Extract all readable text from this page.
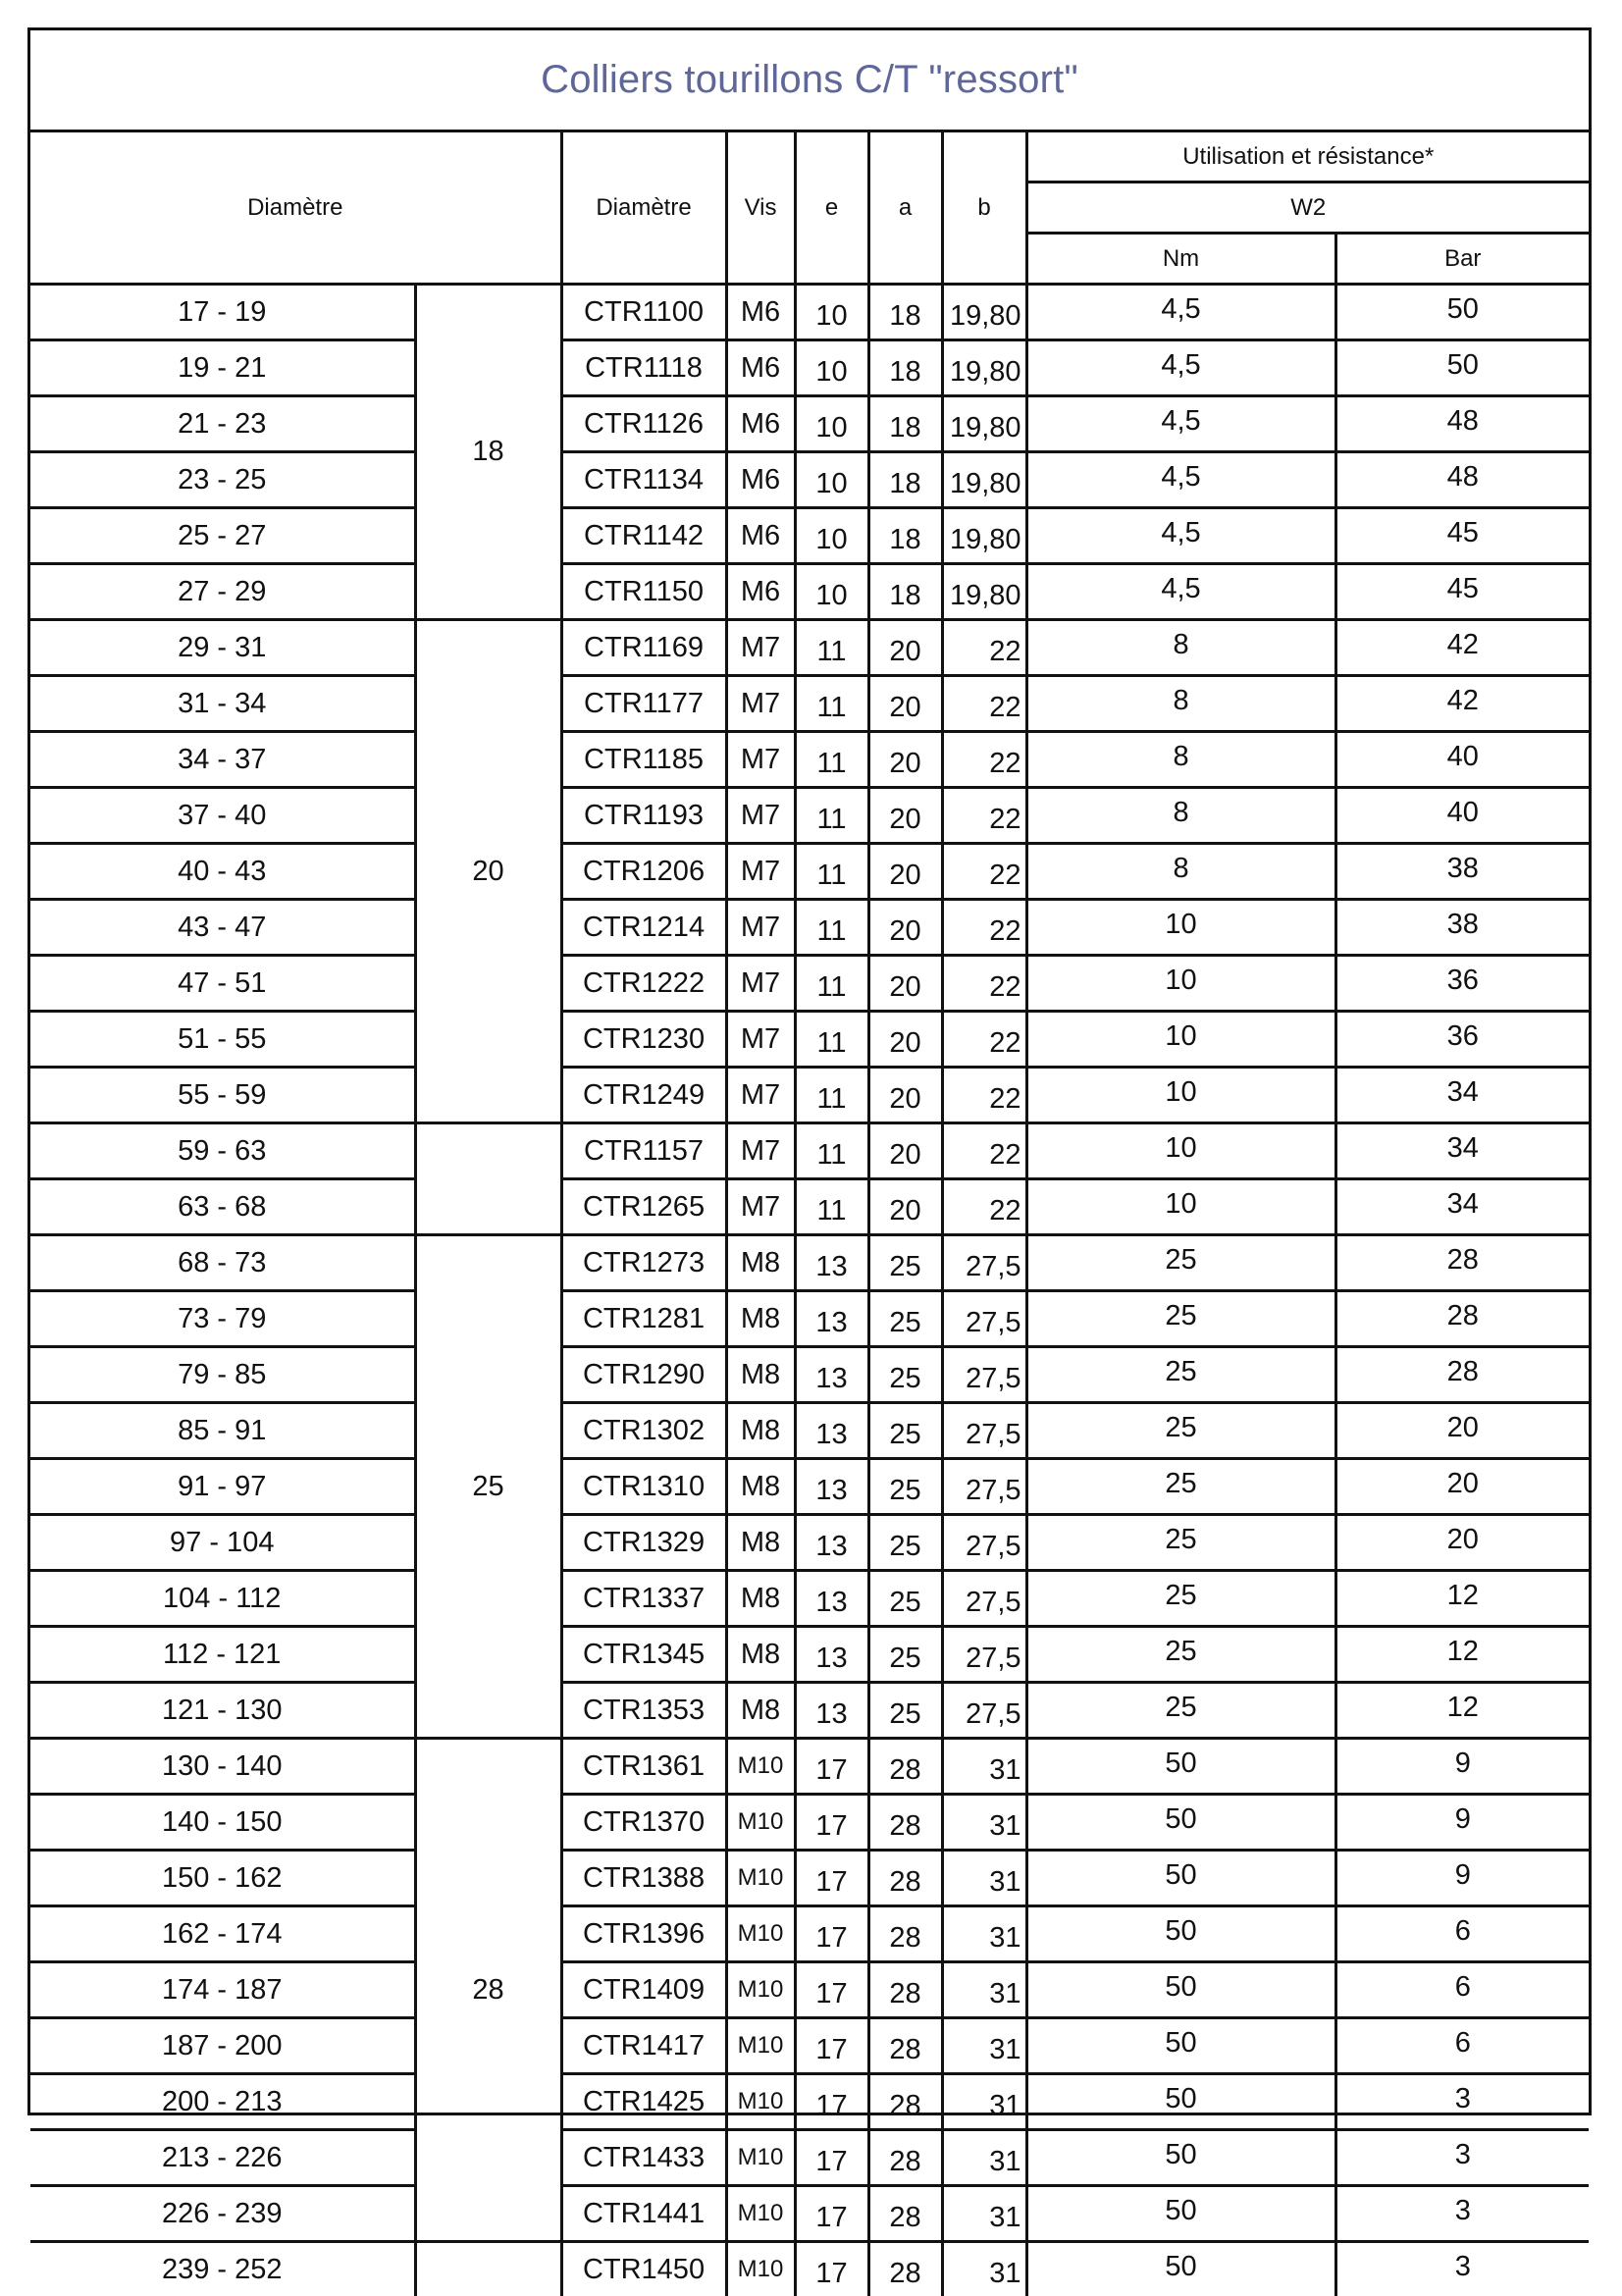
Colliers tourillons C/T "ressort"
Diamètre		Diamètre	Vis	e	a	b	Utilisation et résistance*	
							W2	
							Nm	Bar
17 - 19	18	CTR1100	M6	10	18	19,80	4,5	50
19 - 21		CTR1118	M6	10	18	19,80	4,5	50
21 - 23		CTR1126	M6	10	18	19,80	4,5	48
23 - 25		CTR1134	M6	10	18	19,80	4,5	48
25 - 27		CTR1142	M6	10	18	19,80	4,5	45
27 - 29		CTR1150	M6	10	18	19,80	4,5	45
29 - 31	20	CTR1169	M7	11	20	22	8	42
31 - 34		CTR1177	M7	11	20	22	8	42
34 - 37		CTR1185	M7	11	20	22	8	40
37 - 40		CTR1193	M7	11	20	22	8	40
40 - 43		CTR1206	M7	11	20	22	8	38
43 - 47		CTR1214	M7	11	20	22	10	38
47 - 51		CTR1222	M7	11	20	22	10	36
51 - 55		CTR1230	M7	11	20	22	10	36
55 - 59		CTR1249	M7	11	20	22	10	34
59 - 63		CTR1157	M7	11	20	22	10	34
63 - 68		CTR1265	M7	11	20	22	10	34
68 - 73	25	CTR1273	M8	13	25	27,5	25	28
73 - 79		CTR1281	M8	13	25	27,5	25	28
79 - 85		CTR1290	M8	13	25	27,5	25	28
85 - 91		CTR1302	M8	13	25	27,5	25	20
91 - 97		CTR1310	M8	13	25	27,5	25	20
97 - 104		CTR1329	M8	13	25	27,5	25	20
104 - 112		CTR1337	M8	13	25	27,5	25	12
112 - 121		CTR1345	M8	13	25	27,5	25	12
121 - 130		CTR1353	M8	13	25	27,5	25	12
130 - 140	28	CTR1361	M10	17	28	31	50	9
140 - 150		CTR1370	M10	17	28	31	50	9
150 - 162		CTR1388	M10	17	28	31	50	9
162 - 174		CTR1396	M10	17	28	31	50	6
174 - 187		CTR1409	M10	17	28	31	50	6
187 - 200		CTR1417	M10	17	28	31	50	6
200 - 213		CTR1425	M10	17	28	31	50	3
213 - 226		CTR1433	M10	17	28	31	50	3
226 - 239		CTR1441	M10	17	28	31	50	3
239 - 252		CTR1450	M10	17	28	31	50	3
